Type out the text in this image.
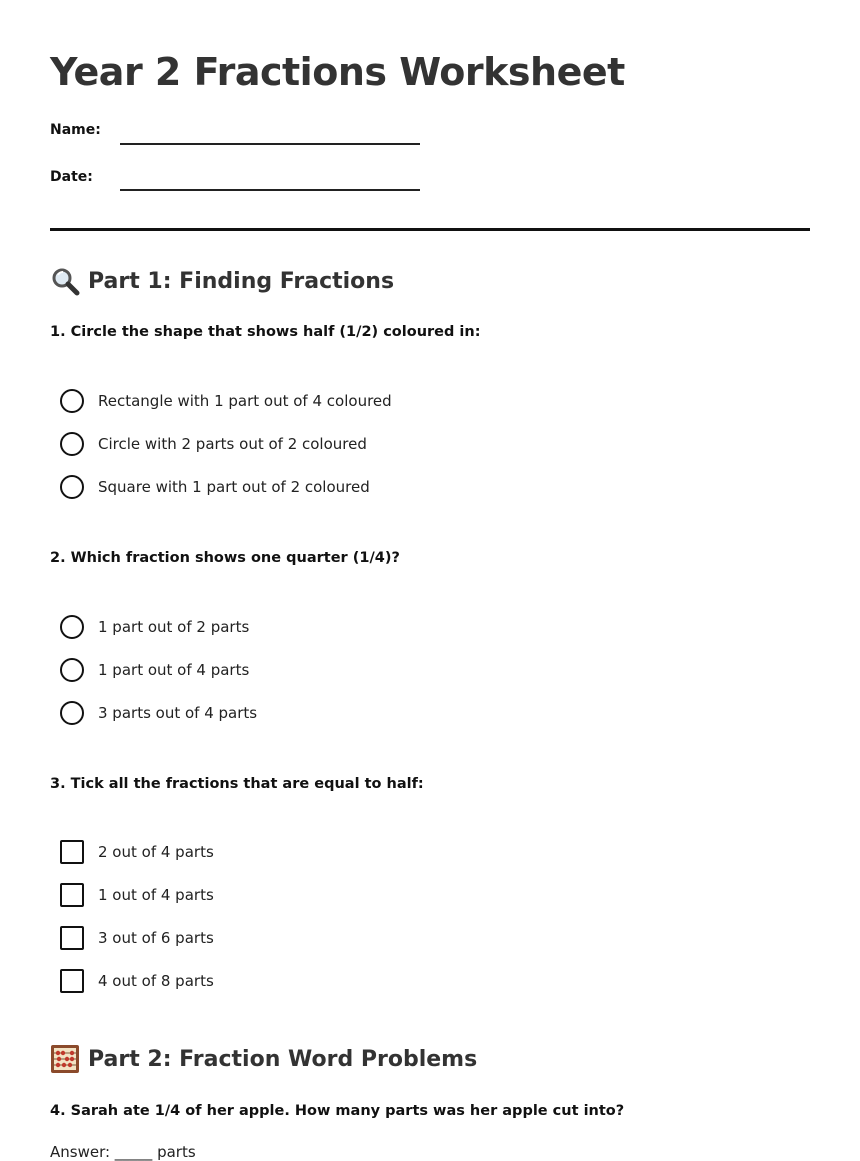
Year 2 Fractions Worksheet
Name:
Date:
Part 1: Finding Fractions

1. Circle the shape that shows half (1/2) coloured in:

Rectangle with 1 part out of 4 coloured
Circle with 2 parts out of 2 coloured
Square with 1 part out of 2 coloured

2. Which fraction shows one quarter (1/4)?

1 part out of 2 parts
1 part out of 4 parts
3 parts out of 4 parts

3. Tick all the fractions that are equal to half:

2 out of 4 parts
1 out of 4 parts
3 out of 6 parts
4 out of 8 parts
Part 2: Fraction Word Problems

4. Sarah ate 1/4 of her apple. How many parts was her apple cut into?

Answer: _____ parts
